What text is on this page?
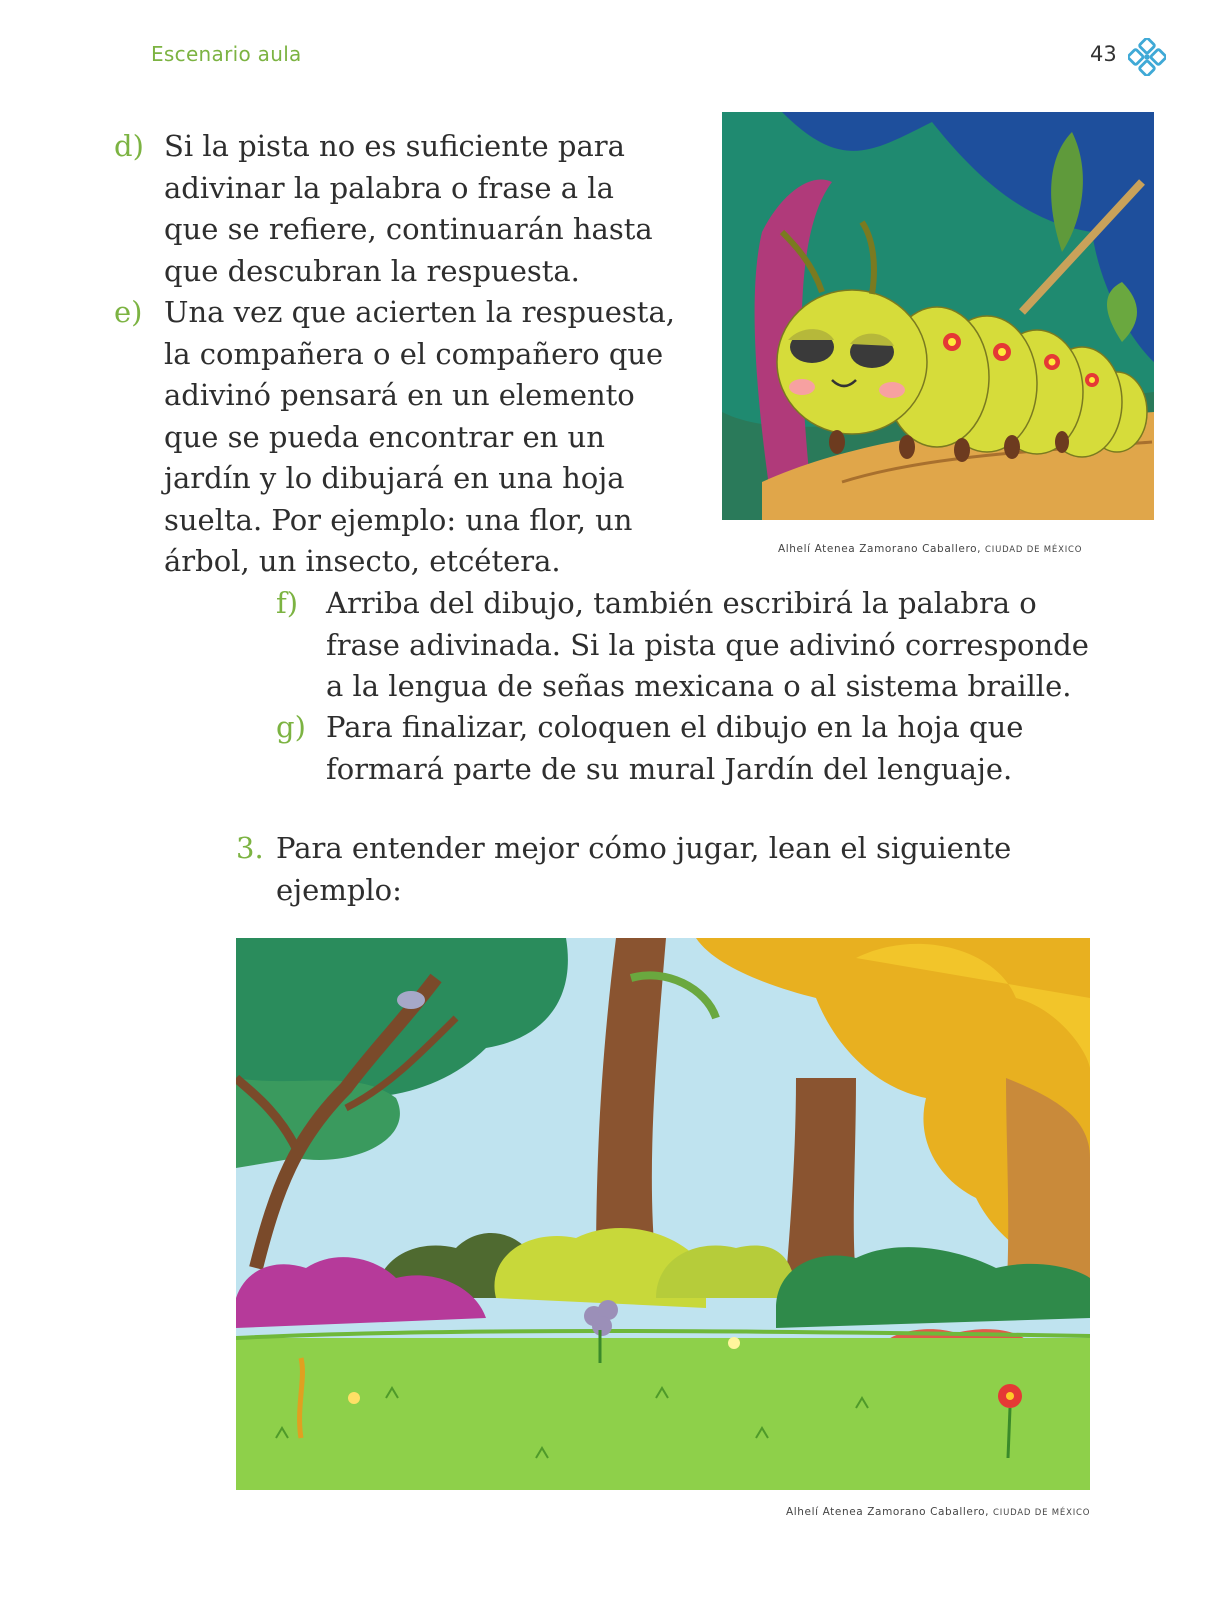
Escenario aula	43
d) Si la pista no es suficiente para
adivinar la palabra o frase a la
que se refiere, continuarán hasta
que descubran la respuesta.
e) Una vez que acierten la respuesta,
la compañera o el compañero que
adivinó pensará en un elemento
que se pueda encontrar en un
jardín y lo dibujará en una hoja
suelta. Por ejemplo: una flor, un
árbol, un insecto, etcétera.	Alhelí Atenea Zamorano Caballero, CIUDAD DE MÉXICO
f) Arriba del dibujo, también escribirá la palabra o
frase adivinada. Si la pista que adivinó corresponde
a la lengua de señas mexicana o al sistema braille.
g) Para finalizar, coloquen el dibujo en la hoja que
formará parte de su mural Jardín del lenguaje.
3. Para entender mejor cómo jugar, lean el siguiente
ejemplo:
Alhelí Atenea Zamorano Caballero, CIUDAD DE MÉXICO
